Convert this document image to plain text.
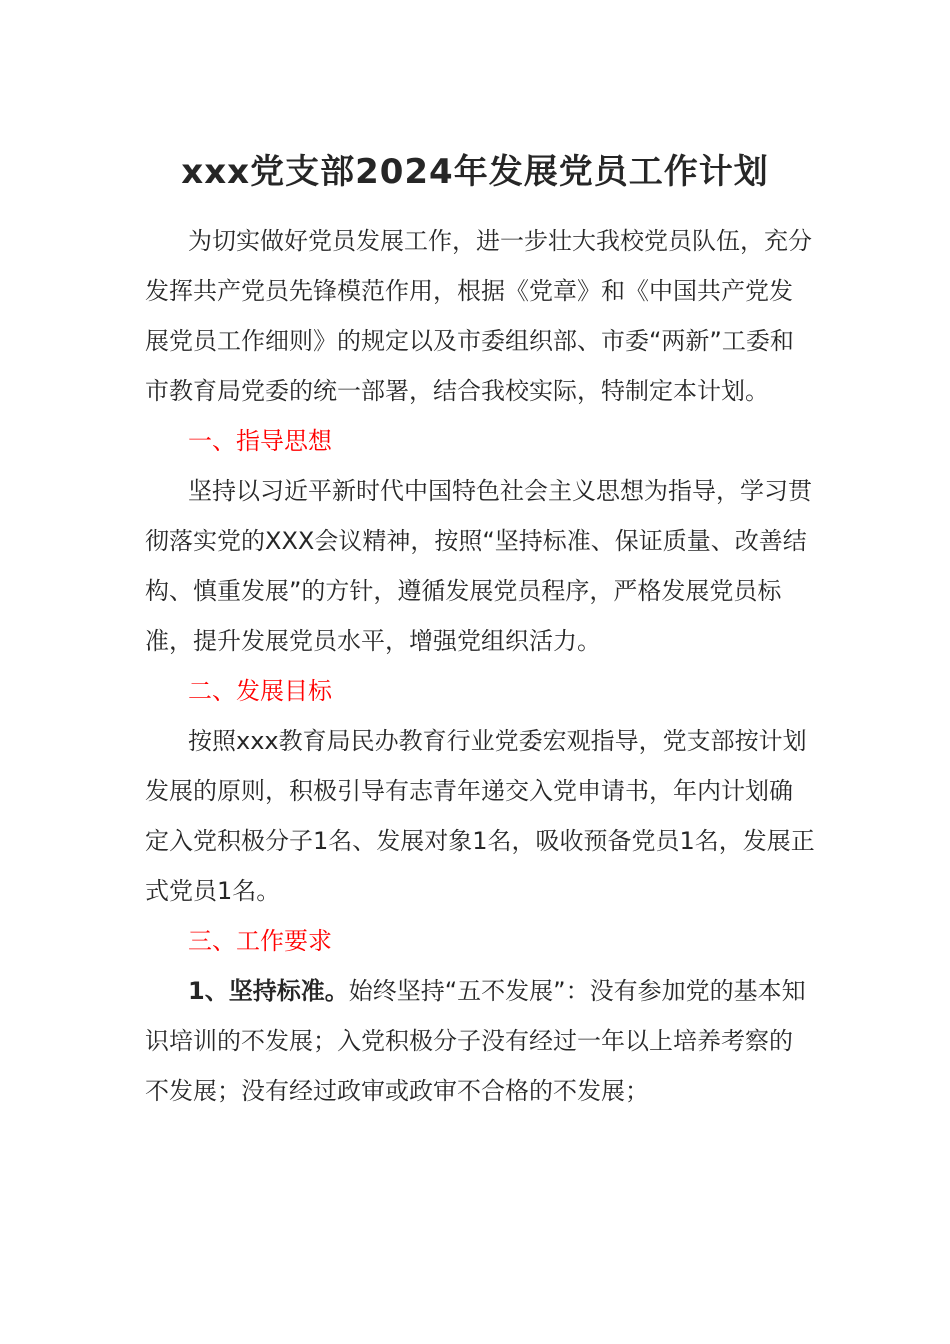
xxx党支部2024年发展党员工作计划

为切实做好党员发展工作，进一步壮大我校党员队伍，充分发挥共产党员先锋模范作用，根据《党章》和《中国共产党发展党员工作细则》的规定以及市委组织部、市委“两新”工委和市教育局党委的统一部署，结合我校实际，特制定本计划。

一、指导思想

坚持以习近平新时代中国特色社会主义思想为指导，学习贯彻落实党的XXX会议精神，按照“坚持标准、保证质量、改善结构、慎重发展”的方针，遵循发展党员程序，严格发展党员标准，提升发展党员水平，增强党组织活力。

二、发展目标

按照xxx教育局民办教育行业党委宏观指导，党支部按计划发展的原则，积极引导有志青年递交入党申请书，年内计划确定入党积极分子1名、发展对象1名，吸收预备党员1名，发展正式党员1名。

三、工作要求

1、坚持标准。始终坚持“五不发展”：没有参加党的基本知识培训的不发展；入党积极分子没有经过一年以上培养考察的不发展；没有经过政审或政审不合格的不发展；
